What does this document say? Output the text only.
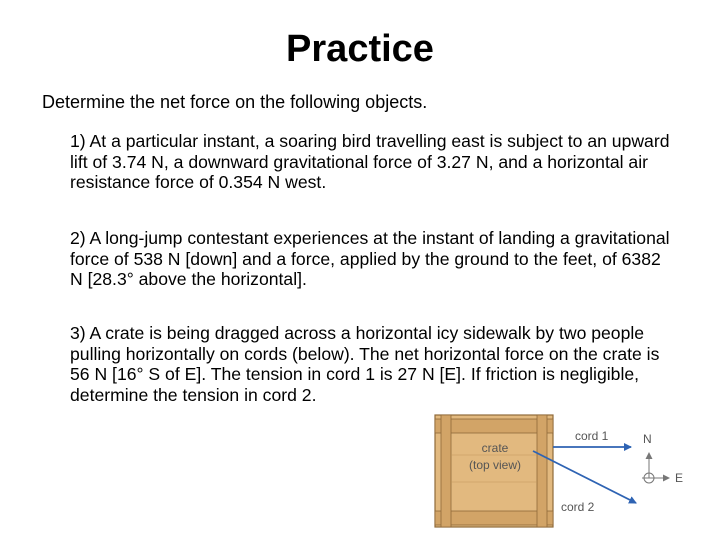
Practice
Determine the net force on the following objects.
1) At a particular instant, a soaring bird travelling east is subject to an upward lift of 3.74 N, a downward gravitational force of 3.27 N, and a horizontal air resistance force of 0.354 N west.
2) A long-jump contestant experiences at the instant of landing a gravitational force of 538 N [down] and a force, applied by the ground to the feet, of 6382 N [28.3° above the horizontal].
3) A crate is being dragged across a horizontal icy sidewalk by two people pulling horizontally on cords (below). The net horizontal force on the crate is 56 N [16° S of E]. The tension in cord 1 is 27 N [E]. If friction is negligible, determine the tension in cord 2.
crate
(top view)
cord 1
cord 2
N
E
